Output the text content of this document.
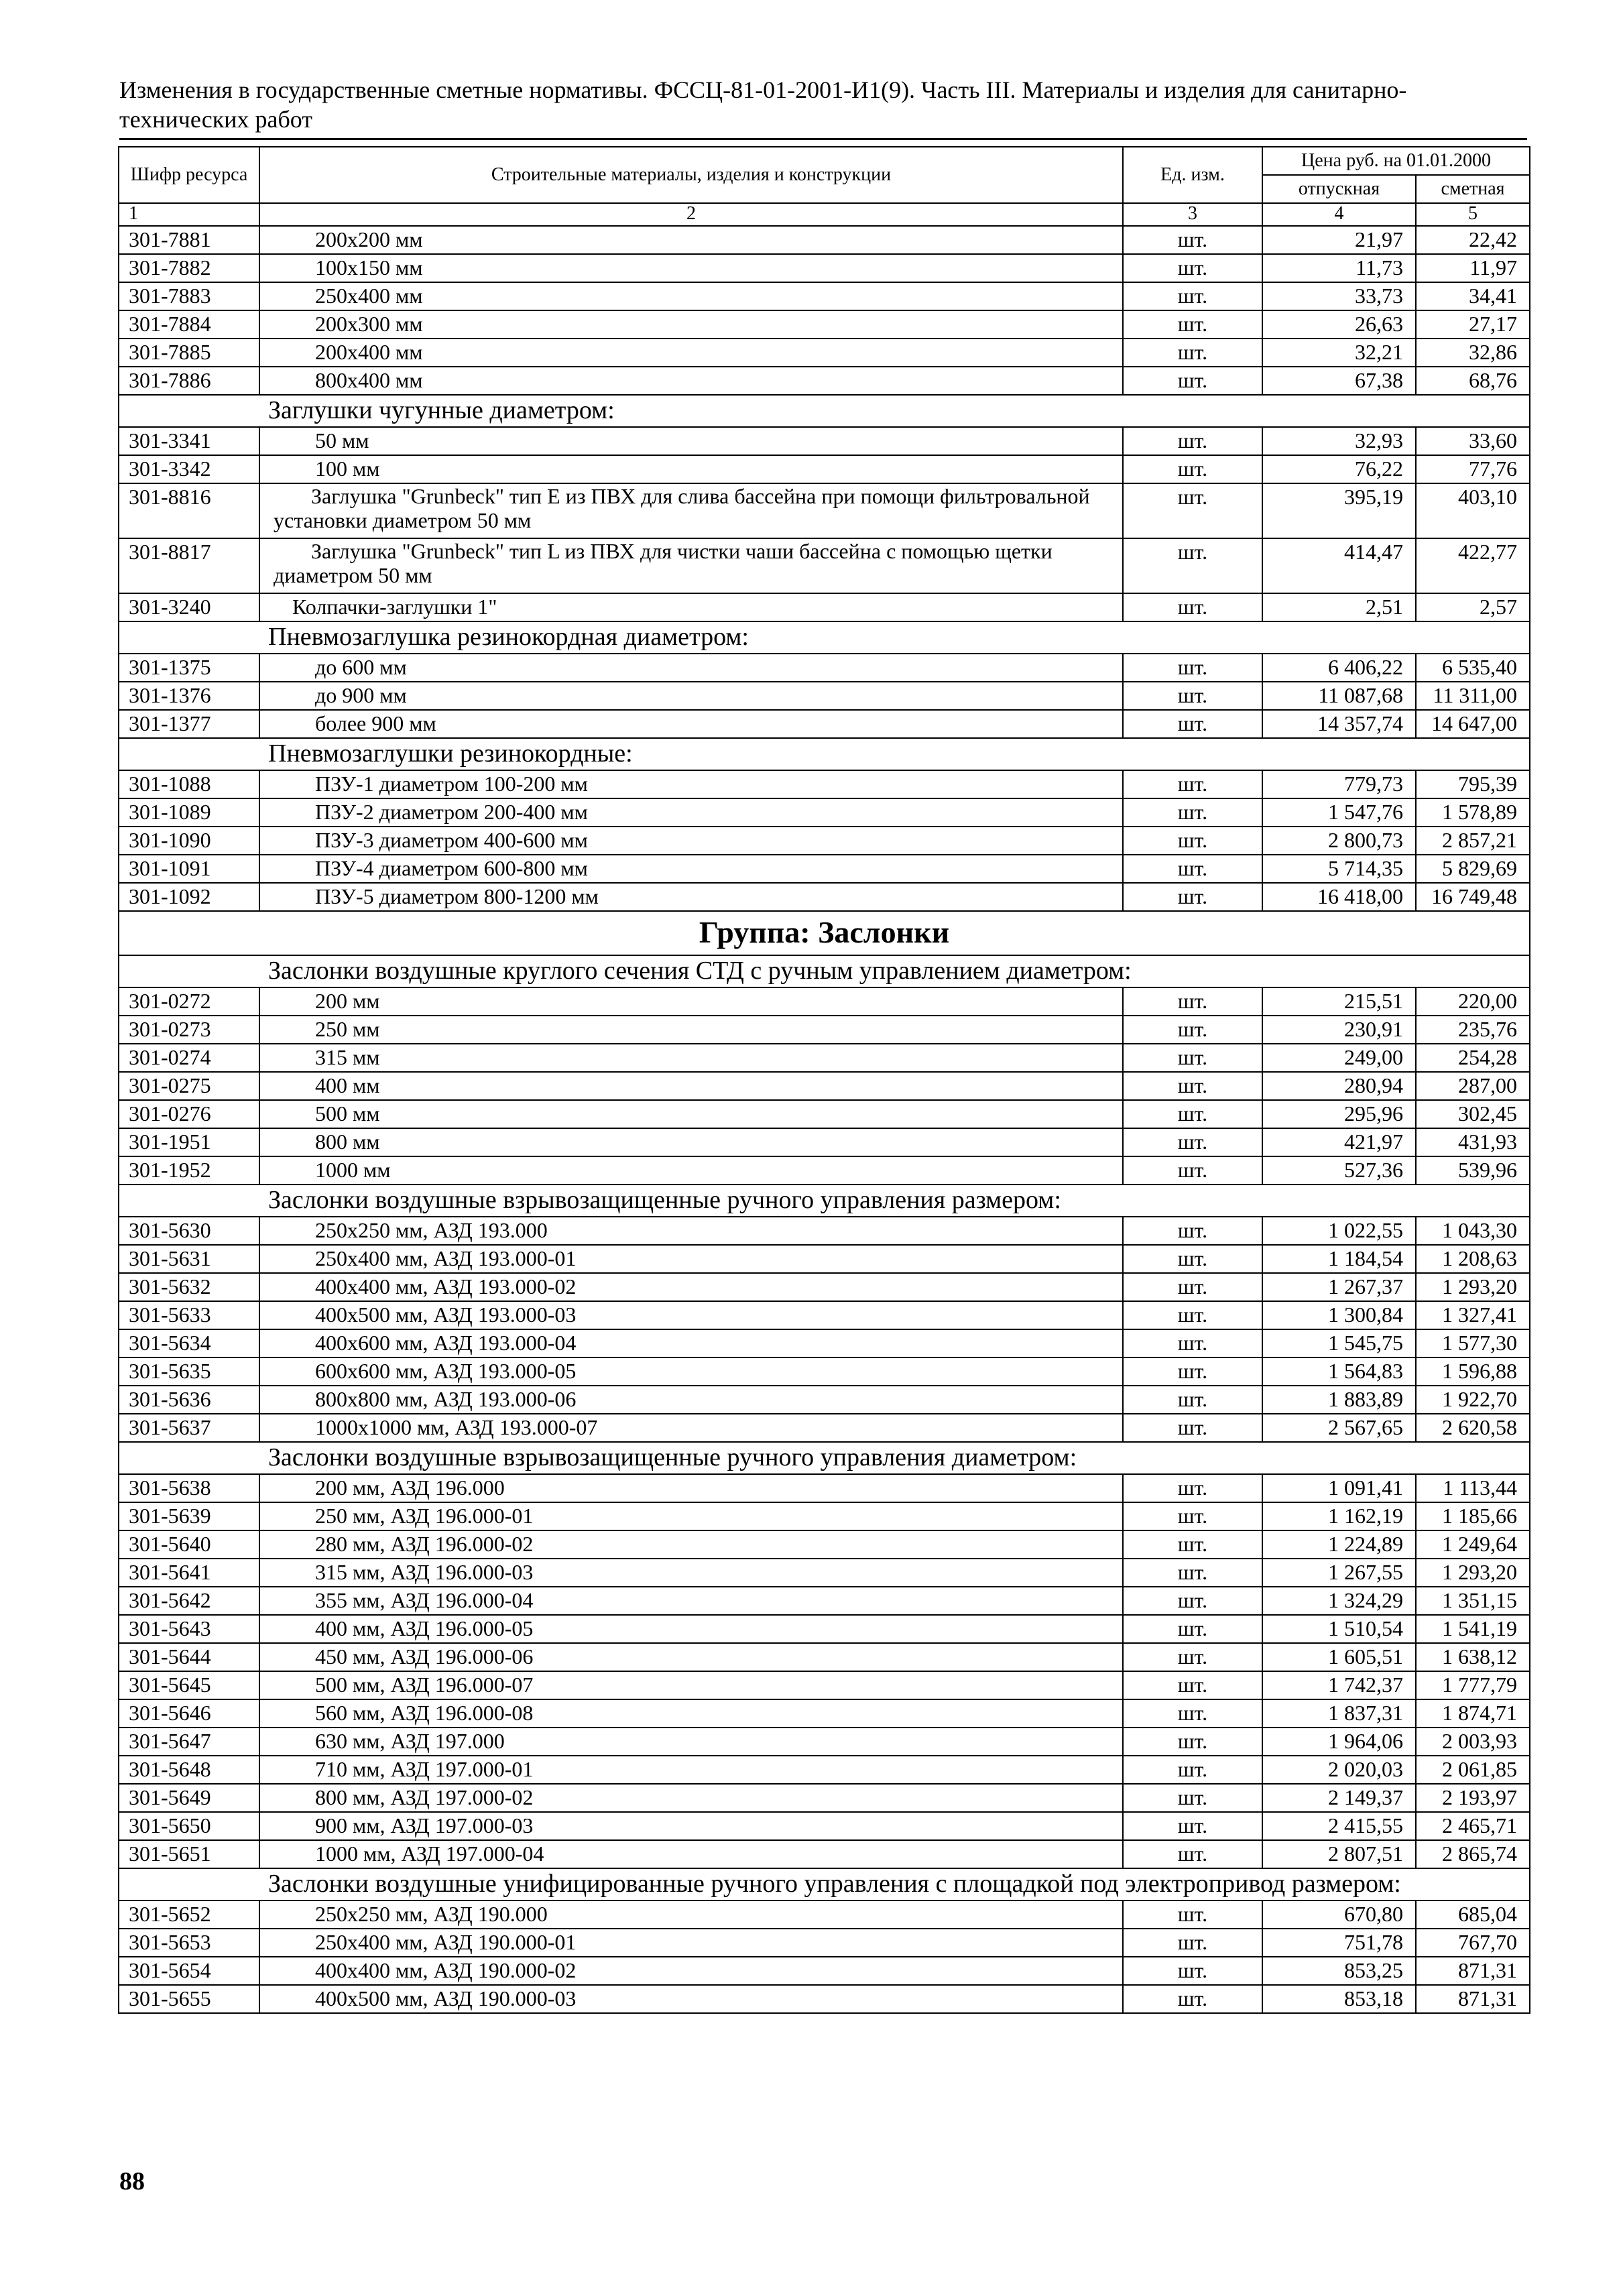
Изменения в государственные сметные нормативы. ФССЦ-81-01-2001-И1(9). Часть III. Материалы и изделия для санитарно-технических работ
Шифр ресурса	Строительные материалы, изделия и конструкции	Ед. изм.	Цена руб. на 01.01.2000	
			отпускная	сметная
1	2	3	4	5
301-7881	200x200 мм	шт.	21,97	22,42
301-7882	100x150 мм	шт.	11,73	11,97
301-7883	250x400 мм	шт.	33,73	34,41
301-7884	200x300 мм	шт.	26,63	27,17
301-7885	200x400 мм	шт.	32,21	32,86
301-7886	800x400 мм	шт.	67,38	68,76
Заглушки чугунные диаметром:				
301-3341	50 мм	шт.	32,93	33,60
301-3342	100 мм	шт.	76,22	77,76
301-8816	Заглушка "Grunbeck" тип E из ПВХ для слива бассейна при помощи фильтровальной установки диаметром 50 мм	шт.	395,19	403,10
301-8817	Заглушка "Grunbeck" тип L из ПВХ для чистки чаши бассейна с помощью щетки диаметром 50 мм	шт.	414,47	422,77
301-3240	Колпачки-заглушки 1"	шт.	2,51	2,57
Пневмозаглушка резинокордная диаметром:				
301-1375	до 600 мм	шт.	6 406,22	6 535,40
301-1376	до 900 мм	шт.	11 087,68	11 311,00
301-1377	более 900 мм	шт.	14 357,74	14 647,00
Пневмозаглушки резинокордные:				
301-1088	ПЗУ-1 диаметром 100-200 мм	шт.	779,73	795,39
301-1089	ПЗУ-2 диаметром 200-400 мм	шт.	1 547,76	1 578,89
301-1090	ПЗУ-3 диаметром 400-600 мм	шт.	2 800,73	2 857,21
301-1091	ПЗУ-4 диаметром 600-800 мм	шт.	5 714,35	5 829,69
301-1092	ПЗУ-5 диаметром 800-1200 мм	шт.	16 418,00	16 749,48
Группа: Заслонки				
Заслонки воздушные круглого сечения СТД с ручным управлением диаметром:				
301-0272	200 мм	шт.	215,51	220,00
301-0273	250 мм	шт.	230,91	235,76
301-0274	315 мм	шт.	249,00	254,28
301-0275	400 мм	шт.	280,94	287,00
301-0276	500 мм	шт.	295,96	302,45
301-1951	800 мм	шт.	421,97	431,93
301-1952	1000 мм	шт.	527,36	539,96
Заслонки воздушные взрывозащищенные ручного управления размером:				
301-5630	250x250 мм, АЗД 193.000	шт.	1 022,55	1 043,30
301-5631	250x400 мм, АЗД 193.000-01	шт.	1 184,54	1 208,63
301-5632	400x400 мм, АЗД 193.000-02	шт.	1 267,37	1 293,20
301-5633	400x500 мм, АЗД 193.000-03	шт.	1 300,84	1 327,41
301-5634	400x600 мм, АЗД 193.000-04	шт.	1 545,75	1 577,30
301-5635	600x600 мм, АЗД 193.000-05	шт.	1 564,83	1 596,88
301-5636	800x800 мм, АЗД 193.000-06	шт.	1 883,89	1 922,70
301-5637	1000x1000 мм, АЗД 193.000-07	шт.	2 567,65	2 620,58
Заслонки воздушные взрывозащищенные ручного управления диаметром:				
301-5638	200 мм, АЗД 196.000	шт.	1 091,41	1 113,44
301-5639	250 мм, АЗД 196.000-01	шт.	1 162,19	1 185,66
301-5640	280 мм, АЗД 196.000-02	шт.	1 224,89	1 249,64
301-5641	315 мм, АЗД 196.000-03	шт.	1 267,55	1 293,20
301-5642	355 мм, АЗД 196.000-04	шт.	1 324,29	1 351,15
301-5643	400 мм, АЗД 196.000-05	шт.	1 510,54	1 541,19
301-5644	450 мм, АЗД 196.000-06	шт.	1 605,51	1 638,12
301-5645	500 мм, АЗД 196.000-07	шт.	1 742,37	1 777,79
301-5646	560 мм, АЗД 196.000-08	шт.	1 837,31	1 874,71
301-5647	630 мм, АЗД 197.000	шт.	1 964,06	2 003,93
301-5648	710 мм, АЗД 197.000-01	шт.	2 020,03	2 061,85
301-5649	800 мм, АЗД 197.000-02	шт.	2 149,37	2 193,97
301-5650	900 мм, АЗД 197.000-03	шт.	2 415,55	2 465,71
301-5651	1000 мм, АЗД 197.000-04	шт.	2 807,51	2 865,74
Заслонки воздушные унифицированные ручного управления с площадкой под электропривод размером:				
301-5652	250x250 мм, АЗД 190.000	шт.	670,80	685,04
301-5653	250x400 мм, АЗД 190.000-01	шт.	751,78	767,70
301-5654	400x400 мм, АЗД 190.000-02	шт.	853,25	871,31
301-5655	400x500 мм, АЗД 190.000-03	шт.	853,18	871,31
88
